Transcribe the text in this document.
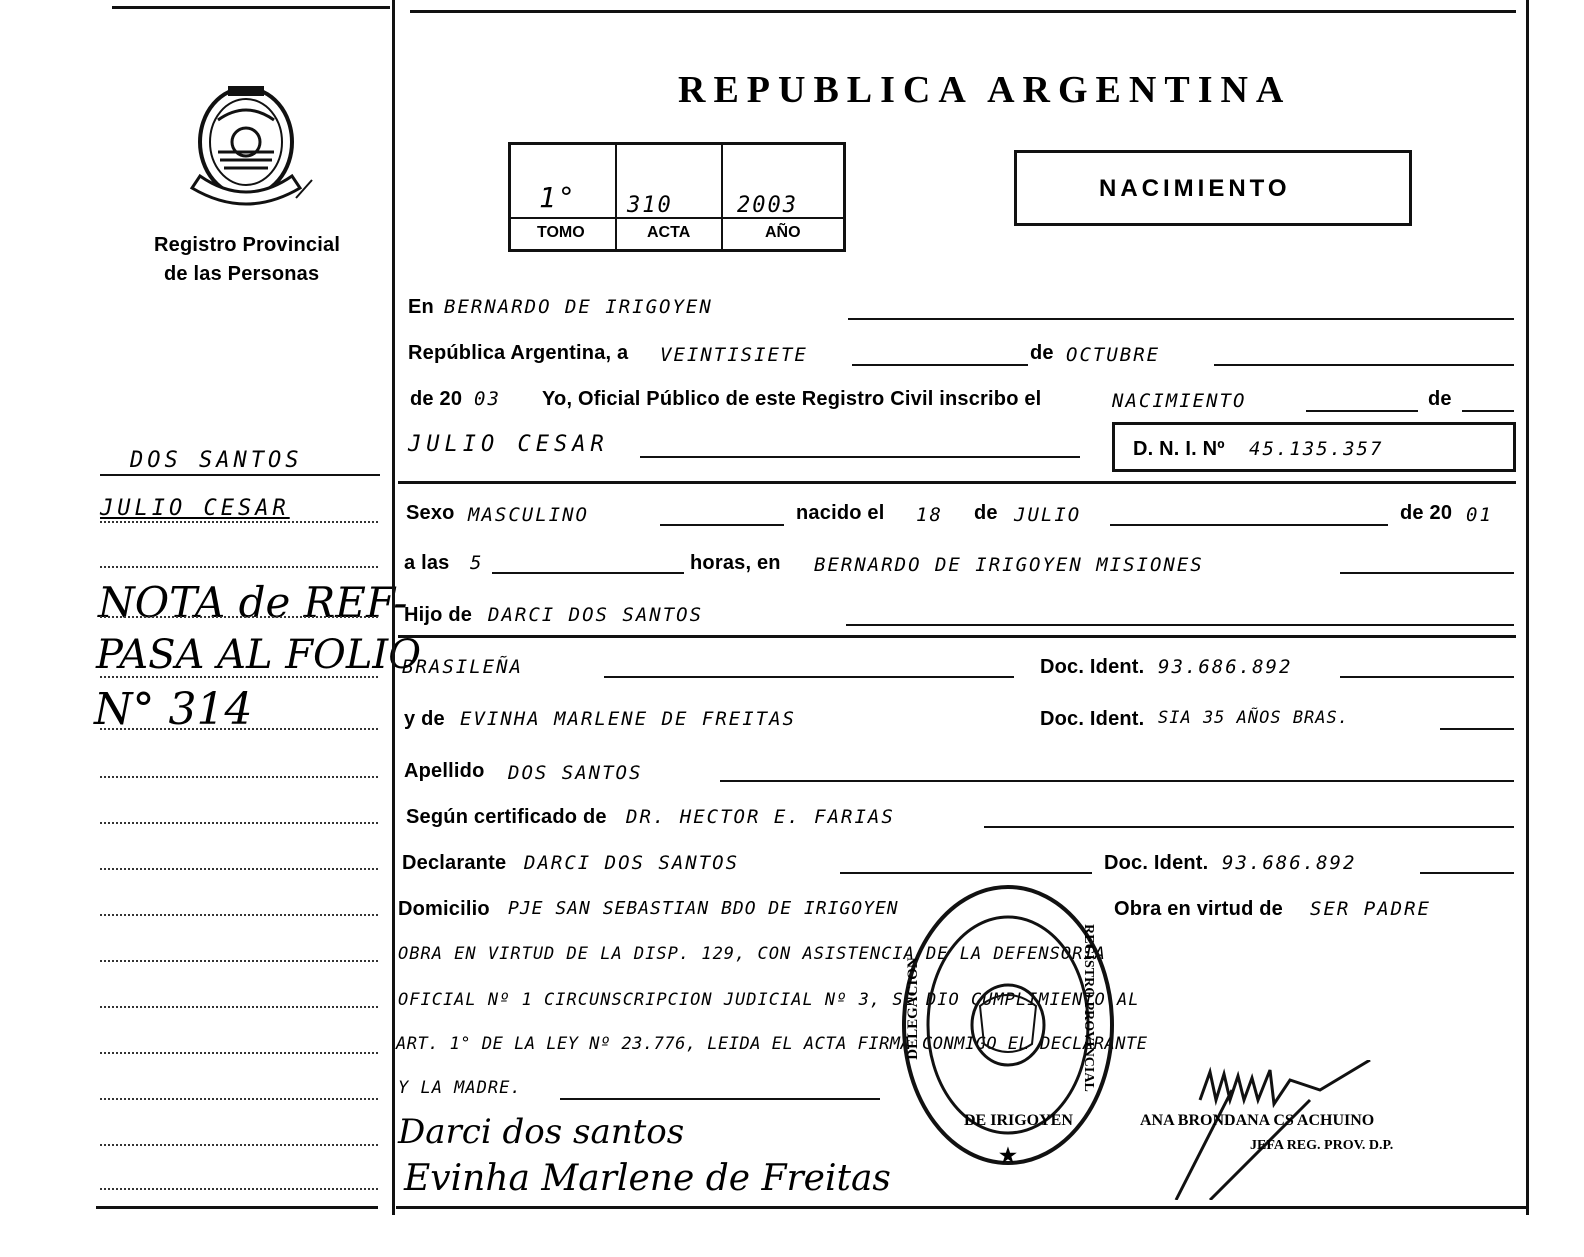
Registro Provincial
de las Personas
DOS SANTOS
JULIO CESAR
NOTA de REF-
PASA AL FOLIO
N° 314
REPUBLICA ARGENTINA
1° 310	2003
TOMO	ACTA	AÑO
NACIMIENTO
En BERNARDO DE IRIGOYEN
República Argentina, a VEINTISIETE	de OCTUBRE
de 20 03 Yo, Oficial Público de este Registro Civil inscribo el	NACIMIENTO	de
JULIO CESAR	D. N. I. Nº 45.135.357
Sexo MASCULINO	nacido el 18 de JULIO	de 20 01
a las 5	horas, en BERNARDO DE IRIGOYEN MISIONES
Hijo de DARCI DOS SANTOS
BRASILEÑA	Doc. Ident. 93.686.892
y de EVINHA MARLENE DE FREITAS	Doc. Ident. SIA 35 AÑOS BRAS.
Apellido DOS SANTOS
Según certificado de DR. HECTOR E. FARIAS
Declarante DARCI DOS SANTOS	Doc. Ident. 93.686.892
Domicilio PJE SAN SEBASTIAN BDO DE IRIGOYEN	Obra en virtud de SER PADRE
OBRA EN VIRTUD DE LA DISP. 129, CON ASISTENCIA DE LA DEFENSORIA
OFICIAL Nº 1 CIRCUNSCRIPCION JUDICIAL Nº 3, SE DIO CUMPLIMIENTO AL
ART. 1° DE LA LEY Nº 23.776, LEIDA EL ACTA FIRMA CONMIGO EL DECLARANTE
Y LA MADRE.
Darci dos santos
Evinha Marlene de Freitas
ANA BRONDANA CS ACHUINO
JEFA REG. PROV. D.P.
★
DELEGACION	REGISTRO PROVINCIAL
DE IRIGOYEN
